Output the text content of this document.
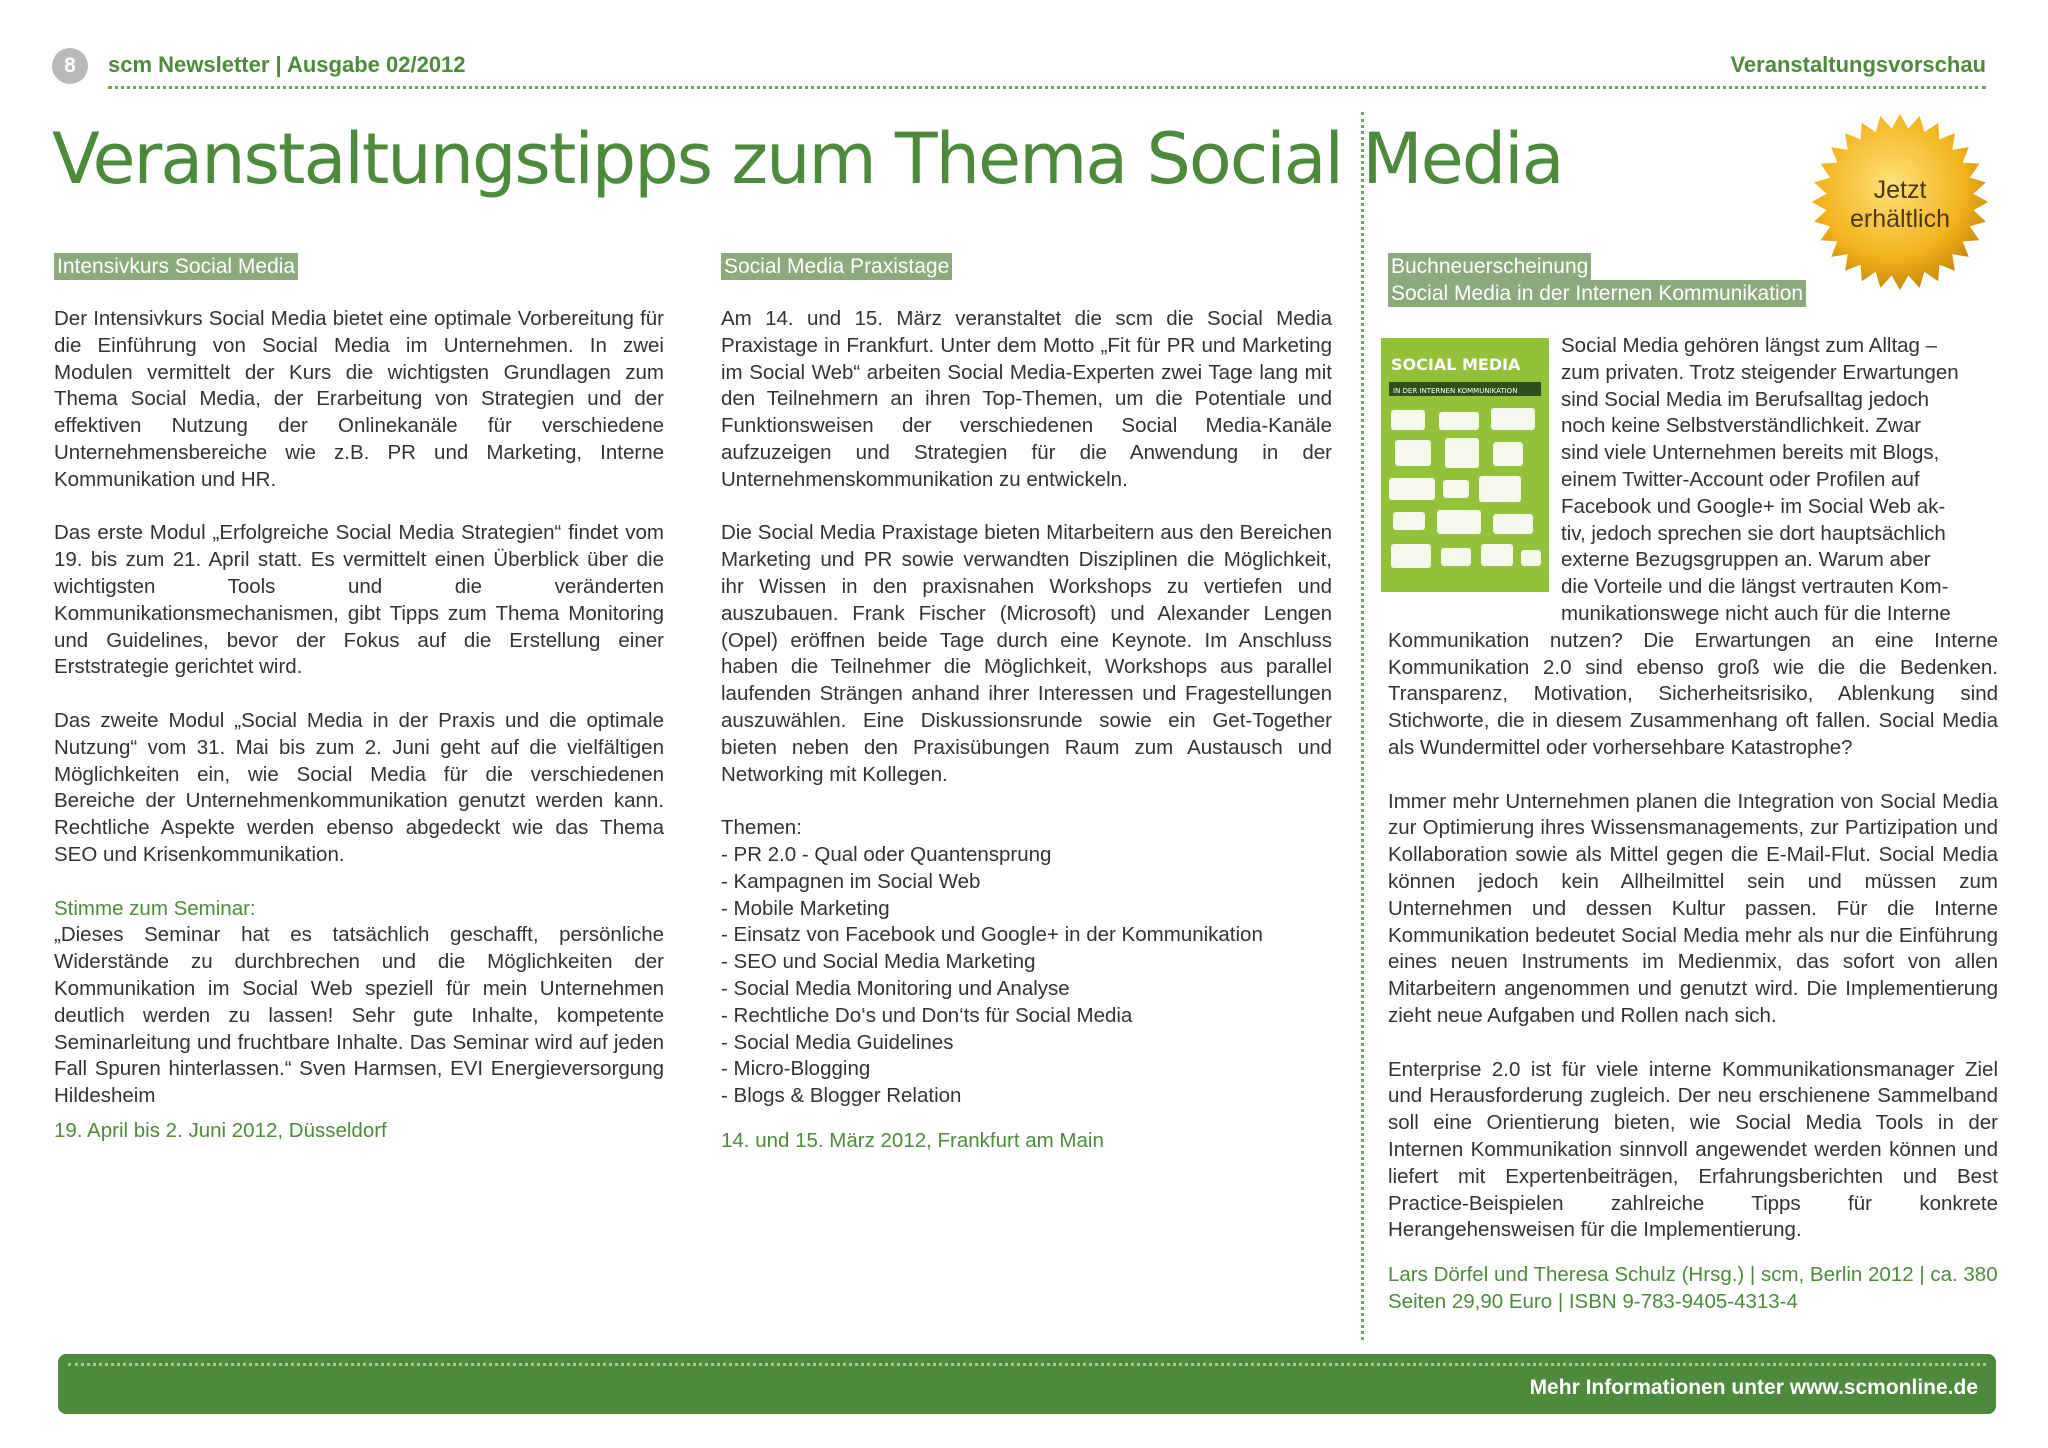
8	scm Newsletter | Ausgabe 02/2012	Veranstaltungsvorschau
Veranstaltungstipps zum Thema Social Media
Intensivkurs Social Media

Der Intensivkurs Social Media bietet eine optimale Vorbereitung für die Einführung von Social Media im Unternehmen. In zwei Modulen vermittelt der Kurs die wichtigsten Grundlagen zum Thema Social Media, der Erarbeitung von Strategien und der effektiven Nutzung der Onlinekanäle für verschiedene Unternehmensbereiche wie z.B. PR und Marketing, Interne Kommunikation und HR.

Das erste Modul „Erfolgreiche Social Media Strategien“ findet vom 19. bis zum 21. April statt. Es vermittelt einen Überblick über die wichtigsten Tools und die veränderten Kommunikationsmechanismen, gibt Tipps zum Thema Monitoring und Guidelines, bevor der Fokus auf die Erstellung einer Erststrategie gerichtet wird.

Das zweite Modul „Social Media in der Praxis und die optimale Nutzung“ vom 31. Mai bis zum 2. Juni geht auf die vielfältigen Möglichkeiten ein, wie Social Media für die verschiedenen Bereiche der Unternehmenkommunikation genutzt werden kann. Rechtliche Aspekte werden ebenso abgedeckt wie das Thema SEO und Krisenkommunikation.

Stimme zum Seminar:

„Dieses Seminar hat es tatsächlich geschafft, persönliche Widerstände zu durchbrechen und die Möglichkeiten der Kommunikation im Social Web speziell für mein Unternehmen deutlich werden zu lassen! Sehr gute Inhalte, kompetente Seminarleitung und fruchtbare Inhalte. Das Seminar wird auf jeden Fall Spuren hinterlassen.“ Sven Harmsen, EVI Energieversorgung Hildesheim

19. April bis 2. Juni 2012, Düsseldorf
Social Media Praxistage

Am 14. und 15. März veranstaltet die scm die Social Media Praxistage in Frankfurt. Unter dem Motto „Fit für PR und Marketing im Social Web“ arbeiten Social Media-Experten zwei Tage lang mit den Teilnehmern an ihren Top-Themen, um die Potentiale und Funktionsweisen der verschiedenen Social Media-Kanäle aufzuzeigen und Strategien für die Anwendung in der Unternehmenskommunikation zu entwickeln.

Die Social Media Praxistage bieten Mitarbeitern aus den Bereichen Marketing und PR sowie verwandten Disziplinen die Möglichkeit, ihr Wissen in den praxisnahen Workshops zu vertiefen und auszubauen. Frank Fischer (Microsoft) und Alexander Lengen (Opel) eröffnen beide Tage durch eine Keynote. Im Anschluss haben die Teilnehmer die Möglichkeit, Workshops aus parallel laufenden Strängen anhand ihrer Interessen und Fragestellungen auszuwählen. Eine Diskussionsrunde sowie ein Get-Together bieten neben den Praxisübungen Raum zum Austausch und Networking mit Kollegen.

Themen:
- PR 2.0 - Qual oder Quantensprung
- Kampagnen im Social Web
- Mobile Marketing
- Einsatz von Facebook und Google+ in der Kommunikation
- SEO und Social Media Marketing
- Social Media Monitoring und Analyse
- Rechtliche Do‘s und Don‘ts für Social Media
- Social Media Guidelines
- Micro-Blogging
- Blogs & Blogger Relation
14. und 15. März 2012, Frankfurt am Main
Buchneuerscheinung
Social Media in der Internen Kommunikation
Social Media gehören längst zum Alltag –
zum privaten. Trotz steigender Erwartungen
sind Social Media im Berufsalltag jedoch
noch keine Selbstverständlichkeit. Zwar
sind viele Unternehmen bereits mit Blogs,
einem Twitter-Account oder Profilen auf
Facebook und Google+ im Social Web ak-
tiv, jedoch sprechen sie dort hauptsächlich
externe Bezugsgruppen an. Warum aber
die Vorteile und die längst vertrauten Kom-
munikationswege nicht auch für die Interne

Kommunikation nutzen? Die Erwartungen an eine Interne Kommunikation 2.0 sind ebenso groß wie die die Bedenken. Transparenz, Motivation, Sicherheitsrisiko, Ablenkung sind Stichworte, die in diesem Zusammenhang oft fallen. Social Media als Wundermittel oder vorhersehbare Katastrophe?

Immer mehr Unternehmen planen die Integration von Social Media zur Optimierung ihres Wissensmanagements, zur Partizipation und Kollaboration sowie als Mittel gegen die E-Mail-Flut. Social Media können jedoch kein Allheilmittel sein und müssen zum Unternehmen und dessen Kultur passen. Für die Interne Kommunikation bedeutet Social Media mehr als nur die Einführung eines neuen Instruments im Medienmix, das sofort von allen Mitarbeitern angenommen und genutzt wird. Die Implementierung zieht neue Aufgaben und Rollen nach sich.

Enterprise 2.0 ist für viele interne Kommunikationsmanager Ziel und Herausforderung zugleich. Der neu erschienene Sammelband soll eine Orientierung bieten, wie Social Media Tools in der Internen Kommunikation sinnvoll angewendet werden können und liefert mit Expertenbeiträgen, Erfahrungsberichten und Best Practice-Beispielen zahlreiche Tipps für konkrete Herangehensweisen für die Implementierung.

Lars Dörfel und Theresa Schulz (Hrsg.) | scm, Berlin 2012 | ca. 380 Seiten 29,90 Euro | ISBN 9-783-9405-4313-4
SOCIAL MEDIA
IN DER INTERNEN KOMMUNIKATION
Jetzt
erhältlich
Mehr Informationen unter www.scmonline.de
